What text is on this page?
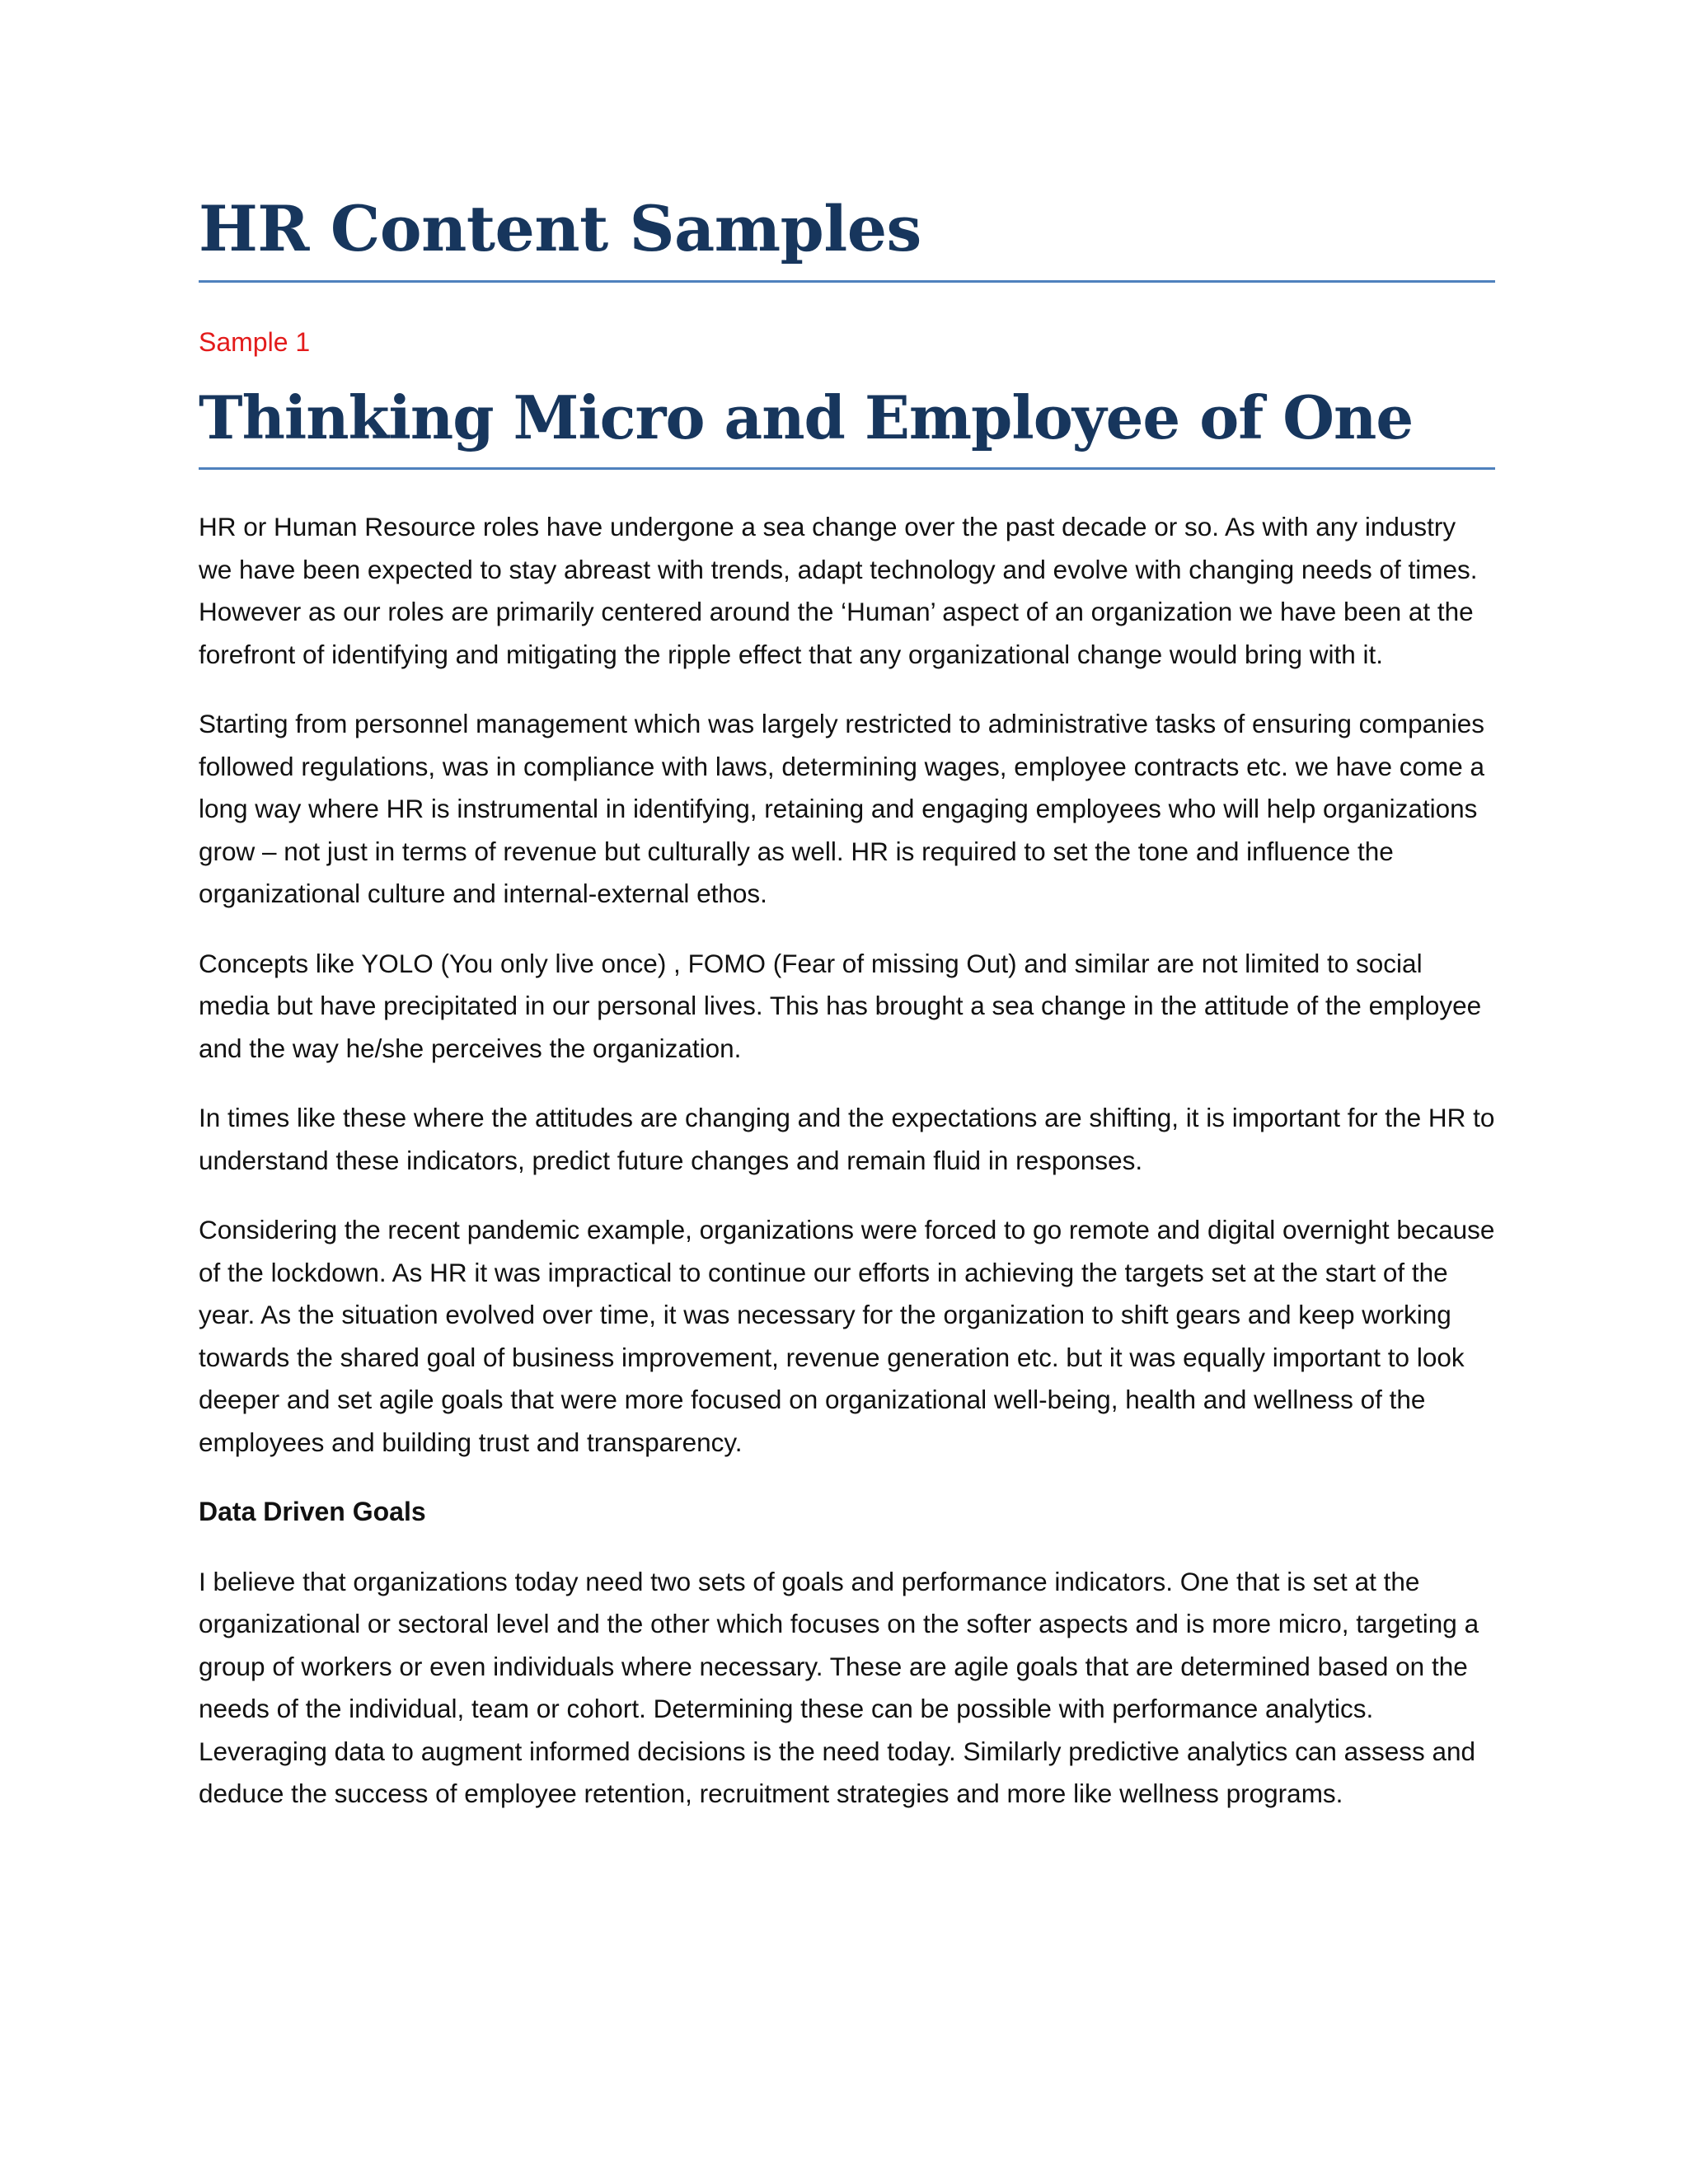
HR Content Samples
Sample 1
Thinking Micro and Employee of One

HR or Human Resource roles have undergone a sea change over the past decade or so. As with any industry we have been expected to stay abreast with trends, adapt technology and evolve with changing needs of times. However as our roles are primarily centered around the ‘Human’ aspect of an organization we have been at the forefront of identifying and mitigating the ripple effect that any organizational change would bring with it.

Starting from personnel management which was largely restricted to administrative tasks of ensuring companies followed regulations, was in compliance with laws, determining wages, employee contracts etc. we have come a long way where HR is instrumental in identifying, retaining and engaging employees who will help organizations grow – not just in terms of revenue but culturally as well. HR is required to set the tone and influence the organizational culture and internal-external ethos.

Concepts like YOLO (You only live once) , FOMO (Fear of missing Out) and similar are not limited to social media but have precipitated in our personal lives. This has brought a sea change in the attitude of the employee and the way he/she perceives the organization.

In times like these where the attitudes are changing and the expectations are shifting, it is important for the HR to understand these indicators, predict future changes and remain fluid in responses.

Considering the recent pandemic example, organizations were forced to go remote and digital overnight because of the lockdown. As HR it was impractical to continue our efforts in achieving the targets set at the start of the year. As the situation evolved over time, it was necessary for the organization to shift gears and keep working towards the shared goal of business improvement, revenue generation etc. but it was equally important to look deeper and set agile goals that were more focused on organizational well-being, health and wellness of the employees and building trust and transparency.

Data Driven Goals

I believe that organizations today need two sets of goals and performance indicators. One that is set at the organizational or sectoral level and the other which focuses on the softer aspects and is more micro, targeting a group of workers or even individuals where necessary. These are agile goals that are determined based on the needs of the individual, team or cohort. Determining these can be possible with performance analytics. Leveraging data to augment informed decisions is the need today. Similarly predictive analytics can assess and deduce the success of employee retention, recruitment strategies and more like wellness programs.
